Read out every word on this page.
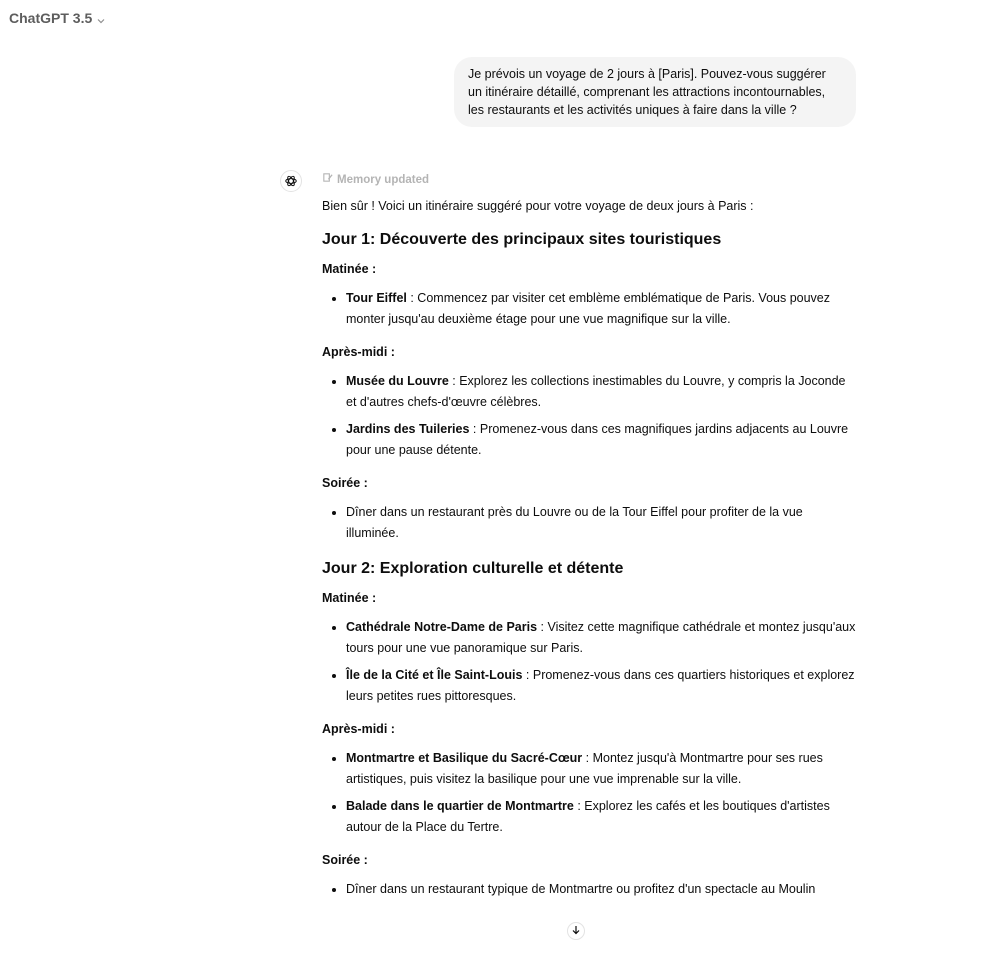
ChatGPT 3.5
Je prévois un voyage de 2 jours à [Paris]. Pouvez-vous suggérer un itinéraire détaillé, comprenant les attractions incontournables, les restaurants et les activités uniques à faire dans la ville ?
Memory updated

Bien sûr ! Voici un itinéraire suggéré pour votre voyage de deux jours à Paris :

Jour 1: Découverte des principaux sites touristiques

Matinée :

• Tour Eiffel : Commencez par visiter cet emblème emblématique de Paris. Vous pouvez monter jusqu'au deuxième étage pour une vue magnifique sur la ville.

Après-midi :

• Musée du Louvre : Explorez les collections inestimables du Louvre, y compris la Joconde et d'autres chefs-d'œuvre célèbres.
• Jardins des Tuileries : Promenez-vous dans ces magnifiques jardins adjacents au Louvre pour une pause détente.

Soirée :

• Dîner dans un restaurant près du Louvre ou de la Tour Eiffel pour profiter de la vue illuminée.
Jour 2: Exploration culturelle et détente

Matinée :

• Cathédrale Notre-Dame de Paris : Visitez cette magnifique cathédrale et montez jusqu'aux tours pour une vue panoramique sur Paris.
• Île de la Cité et Île Saint-Louis : Promenez-vous dans ces quartiers historiques et explorez leurs petites rues pittoresques.

Après-midi :

• Montmartre et Basilique du Sacré-Cœur : Montez jusqu'à Montmartre pour ses rues artistiques, puis visitez la basilique pour une vue imprenable sur la ville.
• Balade dans le quartier de Montmartre : Explorez les cafés et les boutiques d'artistes autour de la Place du Tertre.

Soirée :

• Dîner dans un restaurant typique de Montmartre ou profitez d'un spectacle au Moulin
